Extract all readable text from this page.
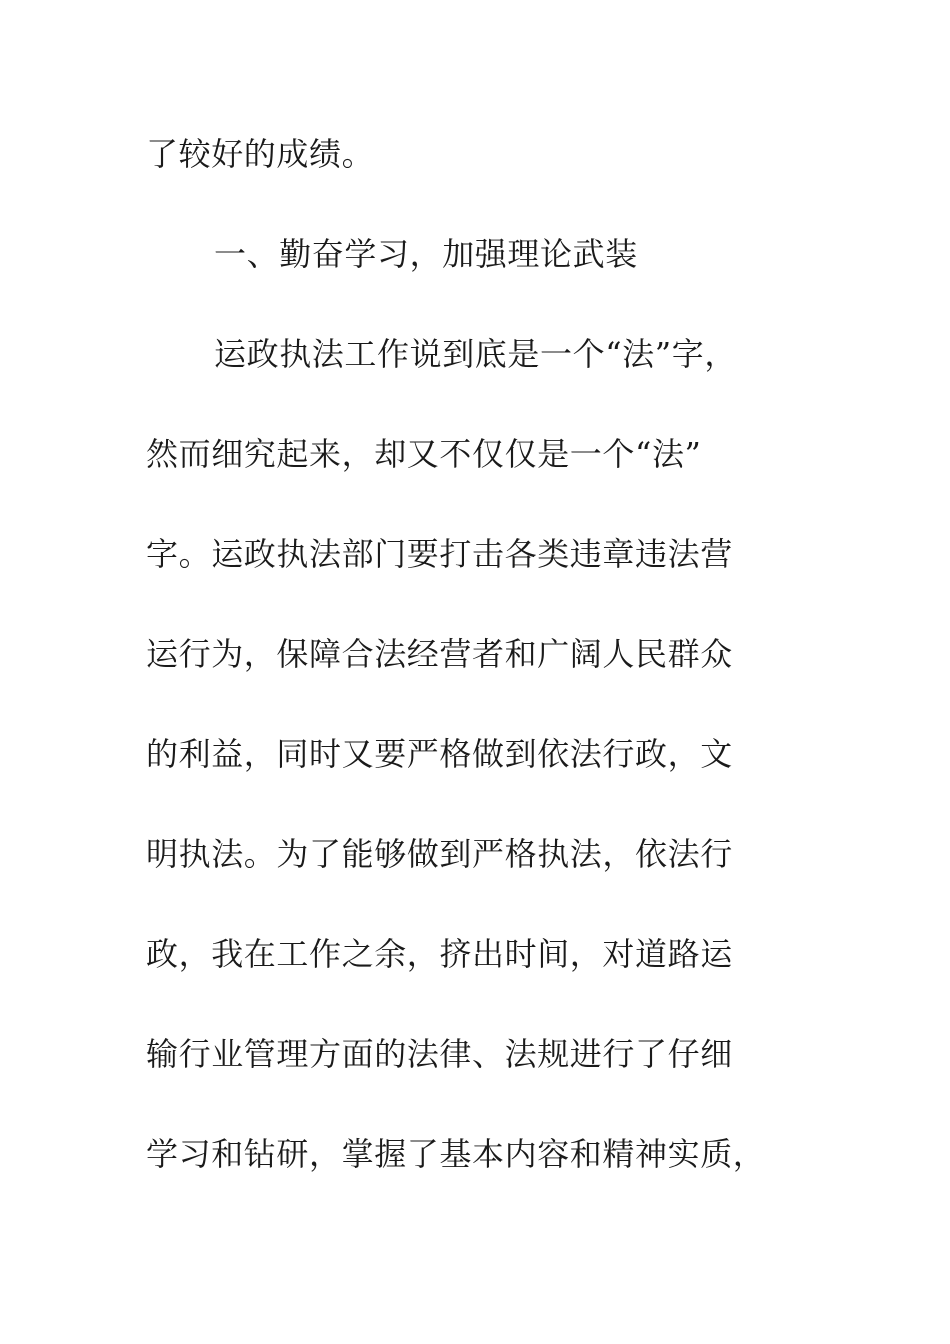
了较好的成绩。
一、勤奋学习，加强理论武装
运政执法工作说到底是一个“法”字，
然而细究起来，却又不仅仅是一个“法”
字。运政执法部门要打击各类违章违法营
运行为，保障合法经营者和广阔人民群众
的利益，同时又要严格做到依法行政，文
明执法。为了能够做到严格执法，依法行
政，我在工作之余，挤出时间，对道路运
输行业管理方面的法律、法规进行了仔细
学习和钻研，掌握了基本内容和精神实质，
